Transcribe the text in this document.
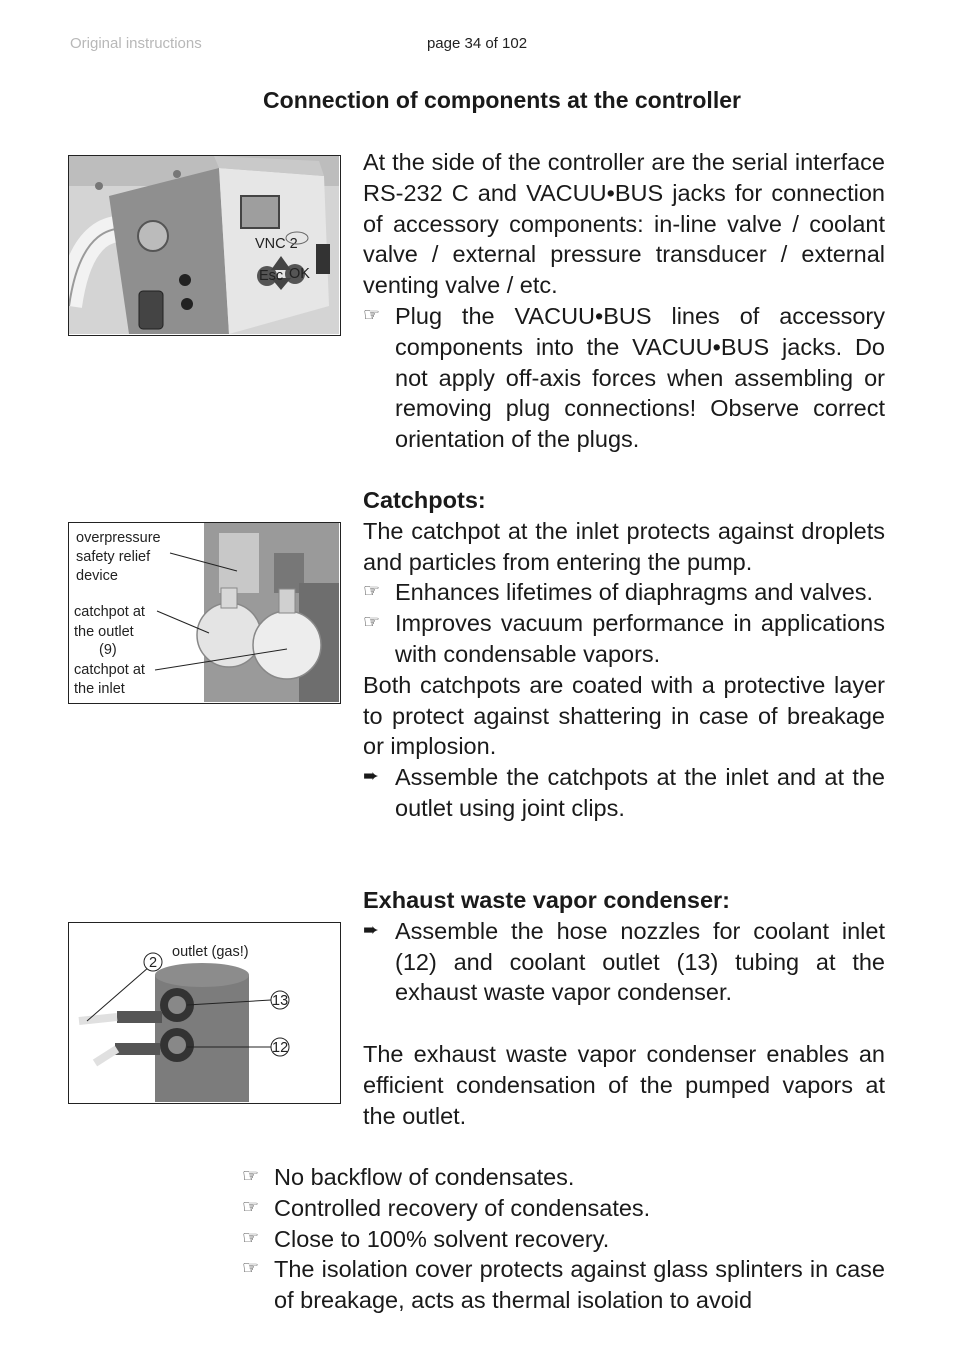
Original instructions	page 34 of 102
Connection of components at the controller
Esc OK
VNC 2

At the side of the controller are the serial interface RS-232 C and VACUU•BUS jacks for connection of accessory components: in-line valve / coolant valve / external pressure transducer / external venting valve / etc.

☞ Plug the VACUU•BUS lines of accessory components into the VACUU•BUS jacks. Do not apply off-axis forces when assembling or removing plug connections! Observe correct orientation of the plugs.
overpressure
safety relief
device
catchpot at
the outlet
(9)
catchpot at
the inlet

Catchpots:

The catchpot at the inlet protects against droplets and particles from entering the pump.

☞ Enhances lifetimes of diaphragms and valves.
☞ Improves vacuum performance in applications with condensable vapors.

Both catchpots are coated with a protective layer to protect against shattering in case of breakage or implosion.

➨ Assemble the catchpots at the inlet and at the outlet using joint clips.
2
13
12
outlet (gas!)

Exhaust waste vapor condenser:

➨ Assemble the hose nozzles for coolant inlet (12) and coolant outlet (13) tubing at the exhaust waste vapor condenser.

The exhaust waste vapor condenser enables an efficient condensation of the pumped vapors at the outlet.

☞ No backflow of condensates.
☞ Controlled recovery of condensates.
☞ Close to 100% solvent recovery.
☞ The isolation cover protects against glass splinters in case of breakage, acts as thermal isolation to avoid
